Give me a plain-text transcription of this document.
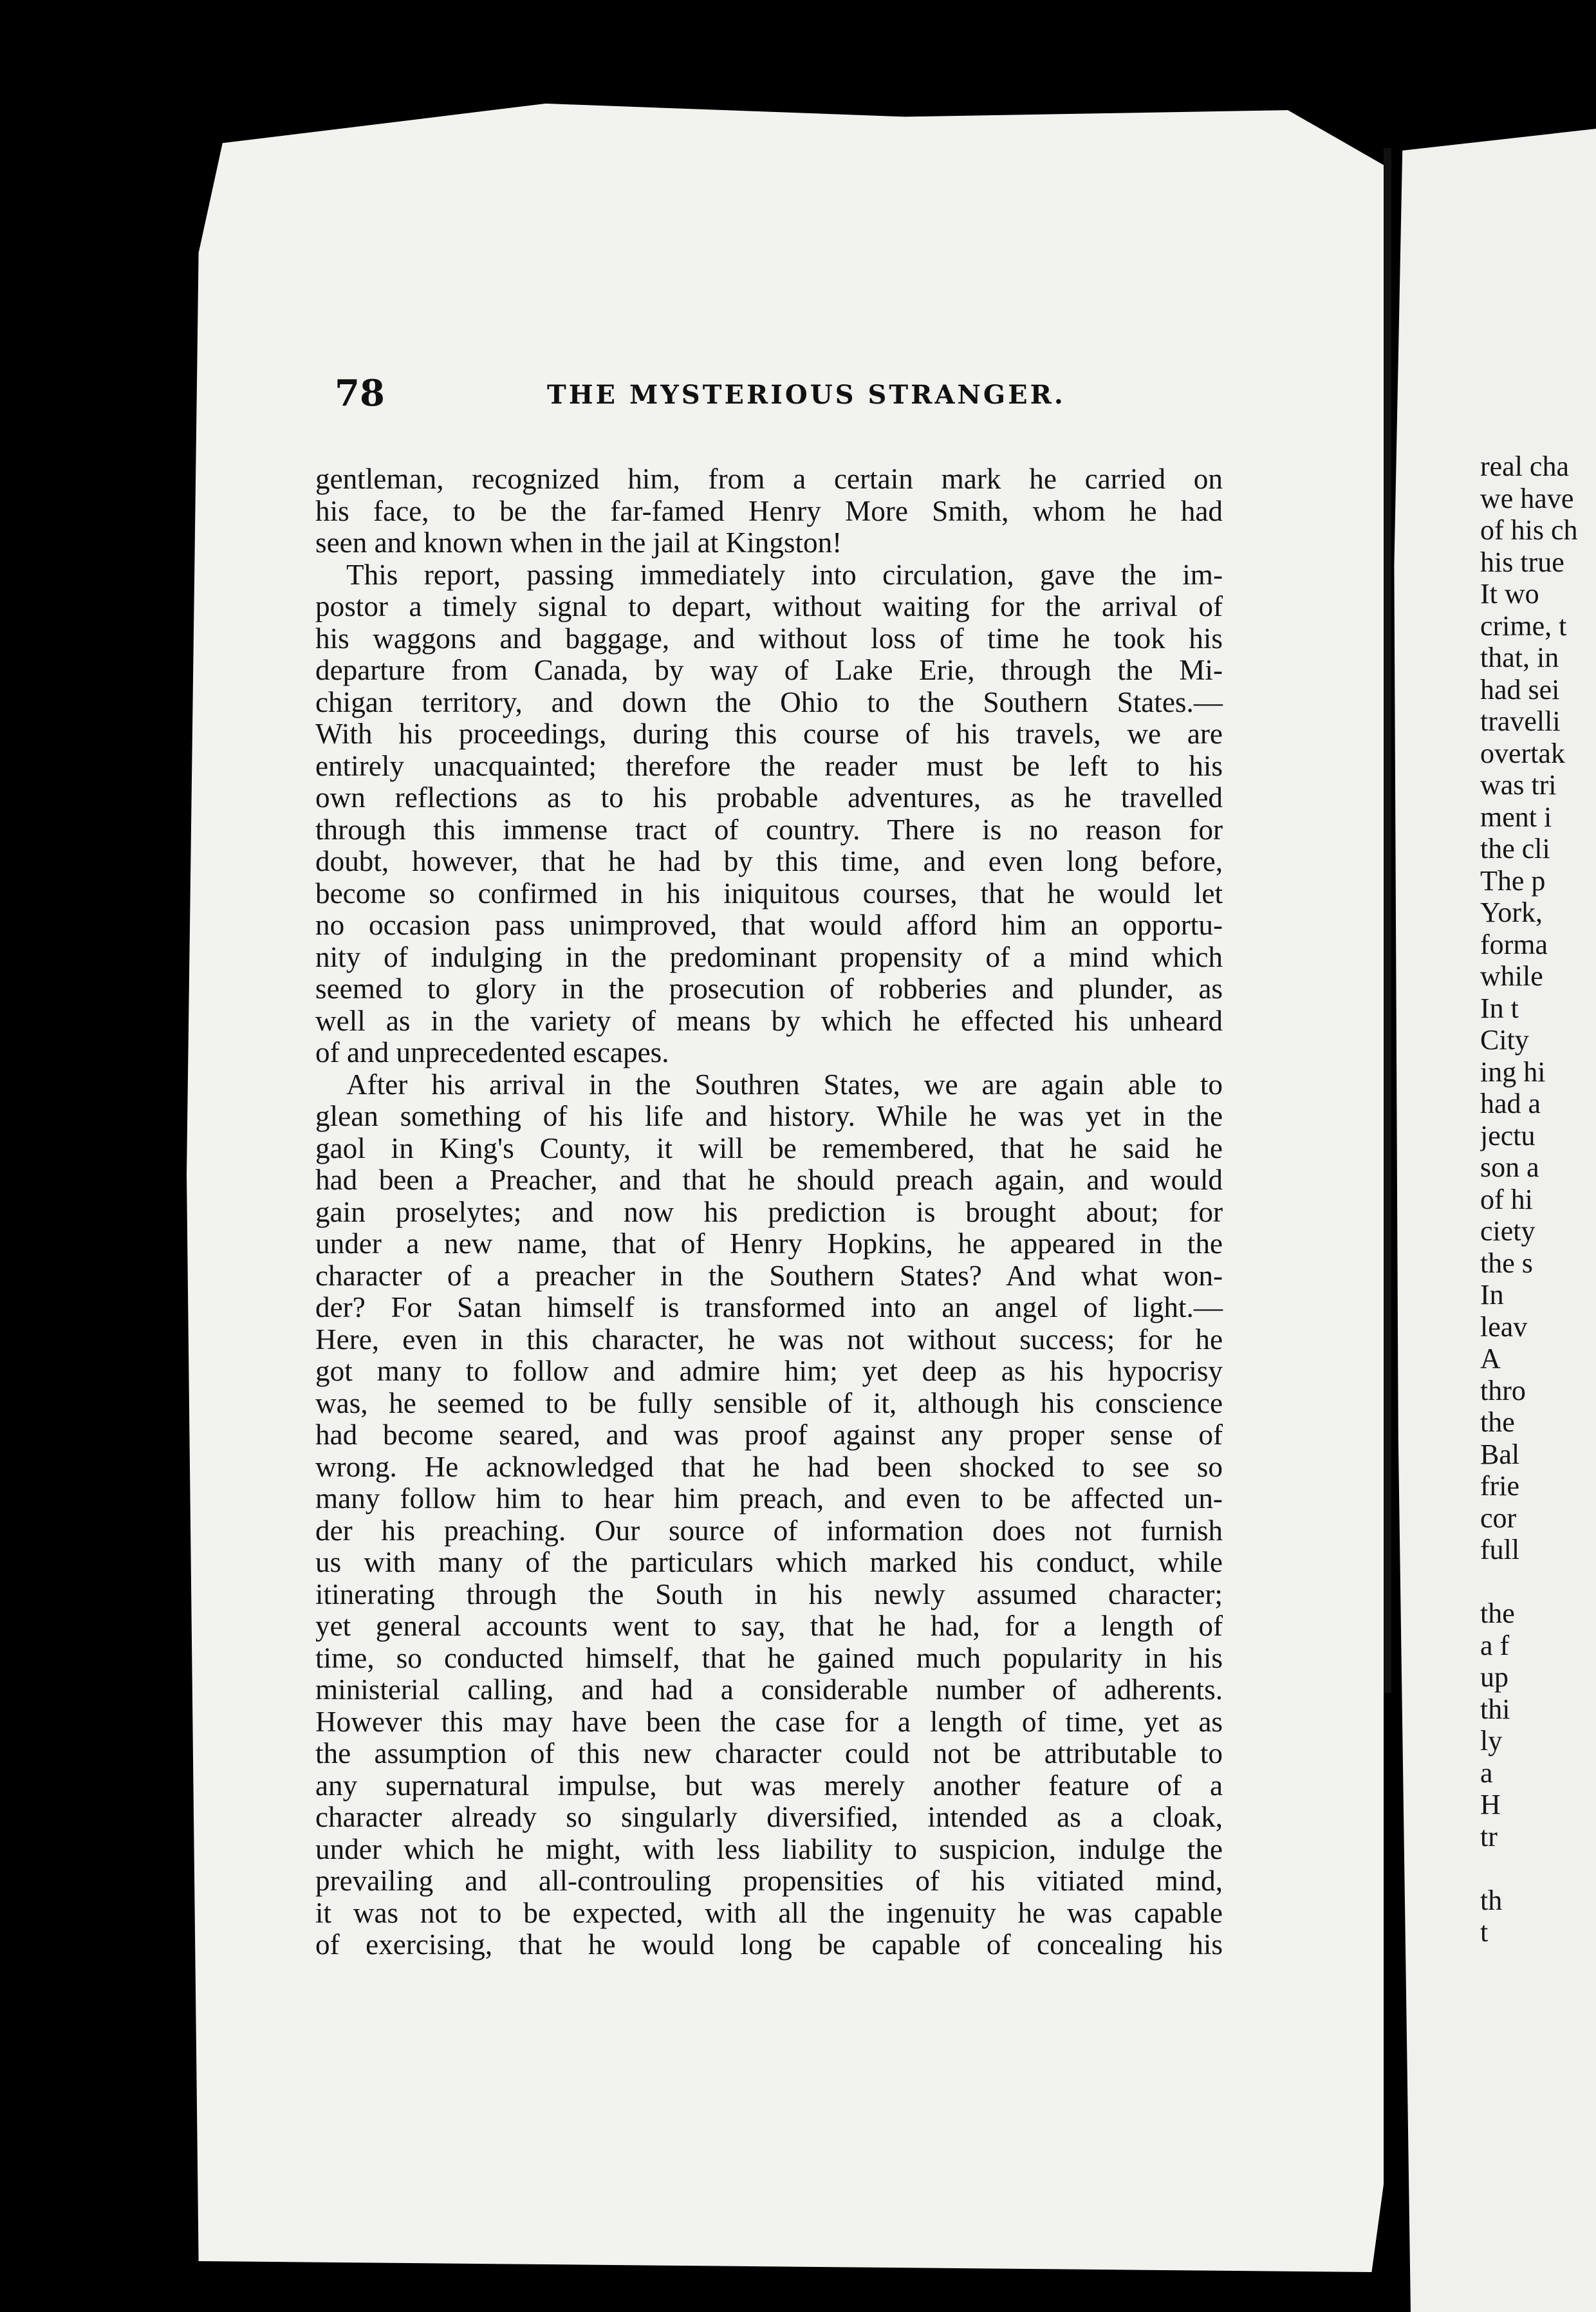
78	THE MYSTERIOUS STRANGER.
gentleman, recognized him, from a certain mark he carried on
his face, to be the far-famed Henry More Smith, whom he had
seen and known when in the jail at Kingston!
This report, passing immediately into circulation, gave the im-
postor a timely signal to depart, without waiting for the arrival of
his waggons and baggage, and without loss of time he took his
departure from Canada, by way of Lake Erie, through the Mi-
chigan territory, and down the Ohio to the Southern States.—
With his proceedings, during this course of his travels, we are
entirely unacquainted; therefore the reader must be left to his
own reflections as to his probable adventures, as he travelled
through this immense tract of country. There is no reason for
doubt, however, that he had by this time, and even long before,
become so confirmed in his iniquitous courses, that he would let
no occasion pass unimproved, that would afford him an opportu-
nity of indulging in the predominant propensity of a mind which
seemed to glory in the prosecution of robberies and plunder, as
well as in the variety of means by which he effected his unheard
of and unprecedented escapes.
After his arrival in the Southren States, we are again able to
glean something of his life and history. While he was yet in the
gaol in King's County, it will be remembered, that he said he
had been a Preacher, and that he should preach again, and would
gain proselytes; and now his prediction is brought about; for
under a new name, that of Henry Hopkins, he appeared in the
character of a preacher in the Southern States? And what won-
der? For Satan himself is transformed into an angel of light.—
Here, even in this character, he was not without success; for he
got many to follow and admire him; yet deep as his hypocrisy
was, he seemed to be fully sensible of it, although his conscience
had become seared, and was proof against any proper sense of
wrong. He acknowledged that he had been shocked to see so
many follow him to hear him preach, and even to be affected un-
der his preaching. Our source of information does not furnish
us with many of the particulars which marked his conduct, while
itinerating through the South in his newly assumed character;
yet general accounts went to say, that he had, for a length of
time, so conducted himself, that he gained much popularity in his
ministerial calling, and had a considerable number of adherents.
However this may have been the case for a length of time, yet as
the assumption of this new character could not be attributable to
any supernatural impulse, but was merely another feature of a
character already so singularly diversified, intended as a cloak,
under which he might, with less liability to suspicion, indulge the
prevailing and all-controuling propensities of his vitiated mind,
it was not to be expected, with all the ingenuity he was capable
of exercising, that he would long be capable of concealing his
real cha
we have
of his ch
his true
It wo
crime, t
that, in
had sei
travelli
overtak
was tri
ment i
the cli
The p
York,
forma
while
In t
City
ing hi
had a
jectu
son a
of hi
ciety
the s
In
leav
A
thro
the
Bal
frie
cor
full

the
a f
up
thi
ly
a
H
tr

th
t
